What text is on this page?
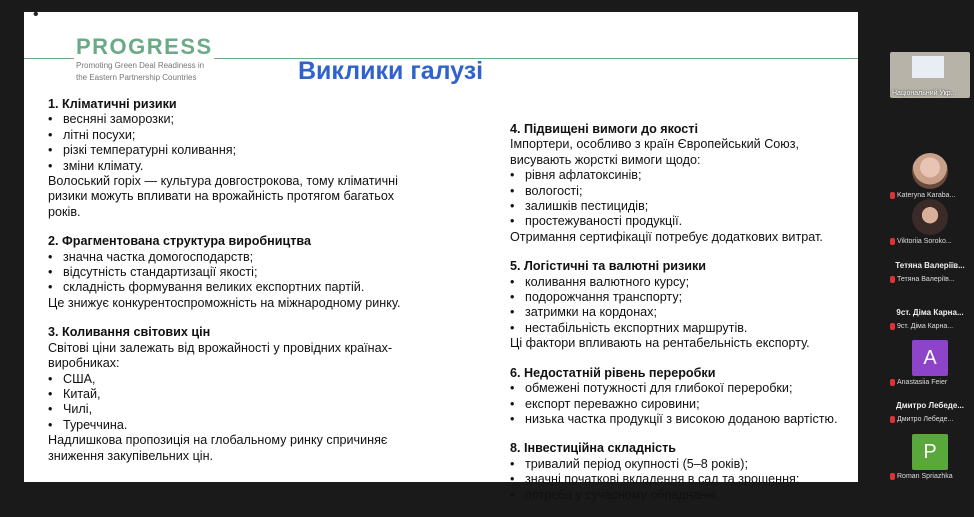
•
PROGRESS
Promoting Green Deal Readiness in
the Eastern Partnership Countries	Виклики галузі
1. Кліматичні ризики
• весняні заморозки;
• літні посухи;
• різкі температурні коливання;
• зміни клімату.
Волоський горіх — культура довгострокова, тому кліматичні ризики можуть впливати на врожайність протягом багатьох років.
2. Фрагментована структура виробництва
• значна частка домогосподарств;
• відсутність стандартизації якості;
• складність формування великих експортних партій.
Це знижує конкурентоспроможність на міжнародному ринку.
3. Коливання світових цін
Світові ціни залежать від врожайності у провідних країнах-виробниках:
• США,
• Китай,
• Чилі,
• Туреччина.
Надлишкова пропозиція на глобальному ринку спричиняє зниження закупівельних цін.
4. Підвищені вимоги до якості
Імпортери, особливо з країн Європейський Союз, висувають жорсткі вимоги щодо:
• рівня афлатоксинів;
• вологості;
• залишків пестицидів;
• простежуваності продукції.
Отримання сертифікації потребує додаткових витрат.
5. Логістичні та валютні ризики
• коливання валютного курсу;
• подорожчання транспорту;
• затримки на кордонах;
• нестабільність експортних маршрутів.
Ці фактори впливають на рентабельність експорту.
6. Недостатній рівень переробки
• обмежені потужності для глибокої переробки;
• експорт переважно сировини;
• низька частка продукції з високою доданою вартістю.
8. Інвестиційна складність
• тривалий період окупності (5–8 років);
• значні початкові вкладення в сад та зрошення;
• потреба у сучасному обладнанні.
Національний Укр...
Kateryna Karaba...
Viktoriia Soroko...
Тетяна Валеріїв...
Тетяна Валеріїв...
9ст. Діма Карна...
9ст. Діма Карна...
A
Anastasiia Feier
Дмитро Лебеде...
Дмитро Лебеде...
P
Roman Spriazhka
